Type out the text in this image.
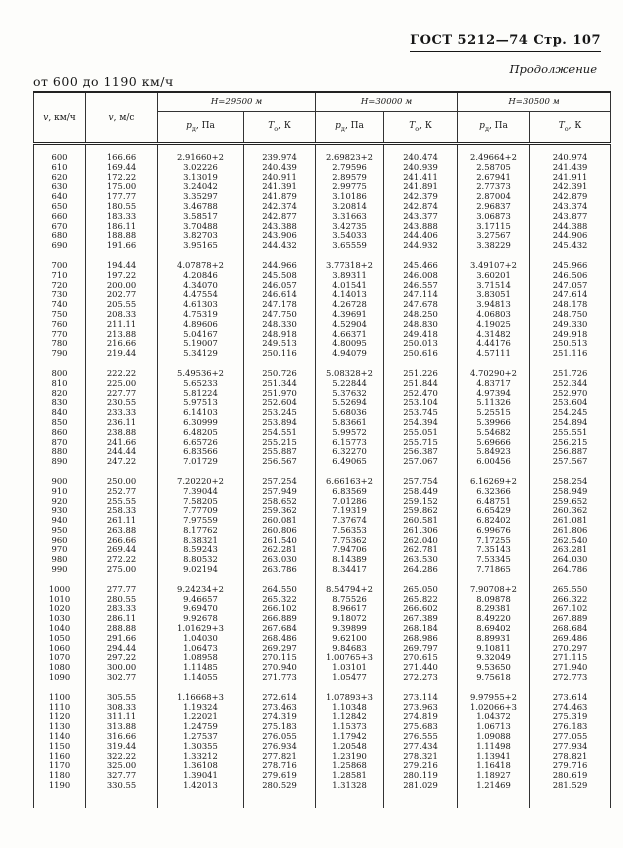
ГОСТ 5212—74 Стр. 107
Продолжение
от 600 до 1190 км/ч
v, км/ч	v, м/с	Н=29500 м		Н=30000 м		Н=30500 м	
		$р_д$, Па	$Т_о$, К	$р_д$, Па	$Т_о$, К	$р_д$, Па	$Т_о$, К

600	166.66	2.91660+2	239.974	2.69823+2	240.474	2.49664+2	240.974
610	169.44	3.02226	240.439	2.79596	240.939	2.58705	241.439
620	172.22	3.13019	240.911	2.89579	241.411	2.67941	241.911
630	175.00	3.24042	241.391	2.99775	241.891	2.77373	242.391
640	177.77	3.35297	241.879	3.10186	242.379	2.87004	242.879
650	180.55	3.46788	242.374	3.20814	242.874	2.96837	243.374
660	183.33	3.58517	242.877	3.31663	243.377	3.06873	243.877
670	186.11	3.70488	243.388	3.42735	243.888	3.17115	244.388
680	188.88	3.82703	243.906	3.54033	244.406	3.27567	244.906
690	191.66	3.95165	244.432	3.65559	244.932	3.38229	245.432

700	194.44	4.07878+2	244.966	3.77318+2	245.466	3.49107+2	245.966
710	197.22	4.20846	245.508	3.89311	246.008	3.60201	246.506
720	200.00	4.34070	246.057	4.01541	246.557	3.71514	247.057
730	202.77	4.47554	246.614	4.14013	247.114	3.83051	247.614
740	205.55	4.61303	247.178	4.26728	247.678	3.94813	248.178
750	208.33	4.75319	247.750	4.39691	248.250	4.06803	248.750
760	211.11	4.89606	248.330	4.52904	248.830	4.19025	249.330
770	213.88	5.04167	248.918	4.66371	249.418	4.31482	249.918
780	216.66	5.19007	249.513	4.80095	250.013	4.44176	250.513
790	219.44	5.34129	250.116	4.94079	250.616	4.57111	251.116

800	222.22	5.49536+2	250.726	5.08328+2	251.226	4.70290+2	251.726
810	225.00	5.65233	251.344	5.22844	251.844	4.83717	252.344
820	227.77	5.81224	251.970	5.37632	252.470	4.97394	252.970
830	230.55	5.97513	252.604	5.52694	253.104	5.11326	253.604
840	233.33	6.14103	253.245	5.68036	253.745	5.25515	254.245
850	236.11	6.30999	253.894	5.83661	254.394	5.39966	254.894
860	238.88	6.48205	254.551	5.99572	255.051	5.54682	255.551
870	241.66	6.65726	255.215	6.15773	255.715	5.69666	256.215
880	244.44	6.83566	255.887	6.32270	256.387	5.84923	256.887
890	247.22	7.01729	256.567	6.49065	257.067	6.00456	257.567

900	250.00	7.20220+2	257.254	6.66163+2	257.754	6.16269+2	258.254
910	252.77	7.39044	257.949	6.83569	258.449	6.32366	258.949
920	255.55	7.58205	258.652	7.01286	259.152	6.48751	259.652
930	258.33	7.77709	259.362	7.19319	259.862	6.65429	260.362
940	261.11	7.97559	260.081	7.37674	260.581	6.82402	261.081
950	263.88	8.17762	260.806	7.56353	261.306	6.99676	261.806
960	266.66	8.38321	261.540	7.75362	262.040	7.17255	262.540
970	269.44	8.59243	262.281	7.94706	262.781	7.35143	263.281
980	272.22	8.80532	263.030	8.14389	263.530	7.53345	264.030
990	275.00	9.02194	263.786	8.34417	264.286	7.71865	264.786

1000	277.77	9.24234+2	264.550	8.54794+2	265.050	7.90708+2	265.550
1010	280.55	9.46657	265.322	8.75526	265.822	8.09878	266.322
1020	283.33	9.69470	266.102	8.96617	266.602	8.29381	267.102
1030	286.11	9.92678	266.889	9.18072	267.389	8.49220	267.889
1040	288.88	1.01629+3	267.684	9.39899	268.184	8.69402	268.684
1050	291.66	1.04030	268.486	9.62100	268.986	8.89931	269.486
1060	294.44	1.06473	269.297	9.84683	269.797	9.10811	270.297
1070	297.22	1.08958	270.115	1.00765+3	270.615	9.32049	271.115
1080	300.00	1.11485	270.940	1.03101	271.440	9.53650	271.940
1090	302.77	1.14055	271.773	1.05477	272.273	9.75618	272.773

1100	305.55	1.16668+3	272.614	1.07893+3	273.114	9.97955+2	273.614
1110	308.33	1.19324	273.463	1.10348	273.963	1.02066+3	274.463
1120	311.11	1.22021	274.319	1.12842	274.819	1.04372	275.319
1130	313.88	1.24759	275.183	1.15373	275.683	1.06713	276.183
1140	316.66	1.27537	276.055	1.17942	276.555	1.09088	277.055
1150	319.44	1.30355	276.934	1.20548	277.434	1.11498	277.934
1160	322.22	1.33212	277.821	1.23190	278.321	1.13941	278.821
1170	325.00	1.36108	278.716	1.25868	279.216	1.16418	279.716
1180	327.77	1.39041	279.619	1.28581	280.119	1.18927	280.619
1190	330.55	1.42013	280.529	1.31328	281.029	1.21469	281.529
